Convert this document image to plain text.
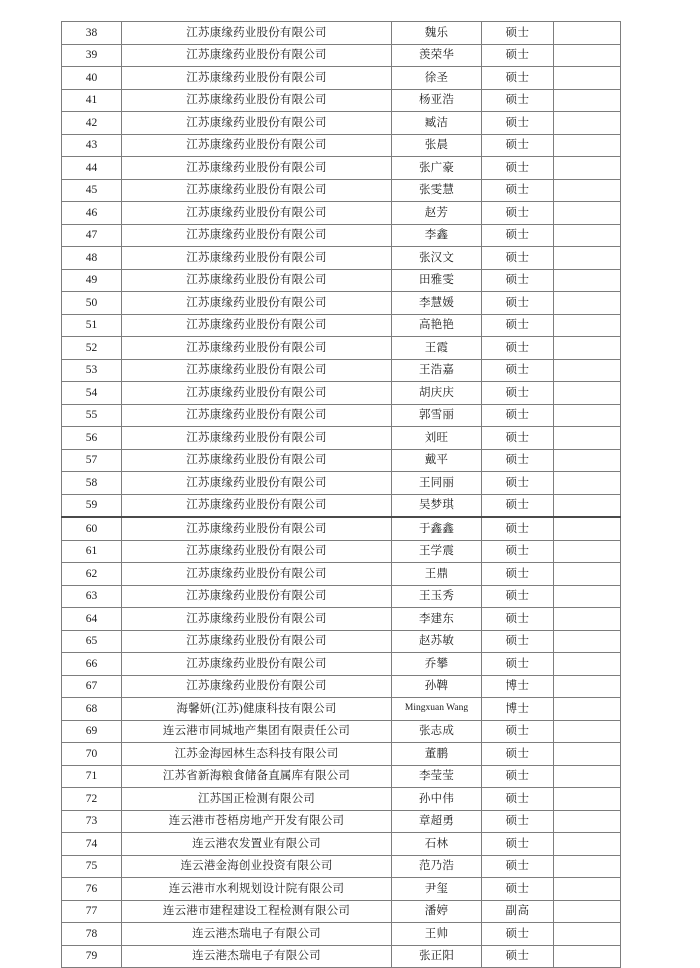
38	江苏康缘药业股份有限公司	魏乐	硕士	
39	江苏康缘药业股份有限公司	羡荣华	硕士	
40	江苏康缘药业股份有限公司	徐圣	硕士	
41	江苏康缘药业股份有限公司	杨亚浩	硕士	
42	江苏康缘药业股份有限公司	臧洁	硕士	
43	江苏康缘药业股份有限公司	张晨	硕士	
44	江苏康缘药业股份有限公司	张广豪	硕士	
45	江苏康缘药业股份有限公司	张雯慧	硕士	
46	江苏康缘药业股份有限公司	赵芳	硕士	
47	江苏康缘药业股份有限公司	李鑫	硕士	
48	江苏康缘药业股份有限公司	张汉文	硕士	
49	江苏康缘药业股份有限公司	田雅雯	硕士	
50	江苏康缘药业股份有限公司	李慧媛	硕士	
51	江苏康缘药业股份有限公司	高艳艳	硕士	
52	江苏康缘药业股份有限公司	王霞	硕士	
53	江苏康缘药业股份有限公司	王浩嘉	硕士	
54	江苏康缘药业股份有限公司	胡庆庆	硕士	
55	江苏康缘药业股份有限公司	郭雪丽	硕士	
56	江苏康缘药业股份有限公司	刘旺	硕士	
57	江苏康缘药业股份有限公司	戴平	硕士	
58	江苏康缘药业股份有限公司	王同丽	硕士	
59	江苏康缘药业股份有限公司	吴梦琪	硕士	
60	江苏康缘药业股份有限公司	于鑫鑫	硕士	
61	江苏康缘药业股份有限公司	王学震	硕士	
62	江苏康缘药业股份有限公司	王鼎	硕士	
63	江苏康缘药业股份有限公司	王玉秀	硕士	
64	江苏康缘药业股份有限公司	李建东	硕士	
65	江苏康缘药业股份有限公司	赵苏敏	硕士	
66	江苏康缘药业股份有限公司	乔攀	硕士	
67	江苏康缘药业股份有限公司	孙鞞	博士	
68	海馨妍(江苏)健康科技有限公司	Mingxuan Wang	博士	
69	连云港市同城地产集团有限责任公司	张志成	硕士	
70	江苏金海园林生态科技有限公司	董鹏	硕士	
71	江苏省新海粮食储备直属库有限公司	李莹莹	硕士	
72	江苏国正检测有限公司	孙中伟	硕士	
73	连云港市苍梧房地产开发有限公司	章超勇	硕士	
74	连云港农发置业有限公司	石林	硕士	
75	连云港金海创业投资有限公司	范乃浩	硕士	
76	连云港市水利规划设计院有限公司	尹玺	硕士	
77	连云港市建程建设工程检测有限公司	潘婷	副高	
78	连云港杰瑞电子有限公司	王帅	硕士	
79	连云港杰瑞电子有限公司	张正阳	硕士	
